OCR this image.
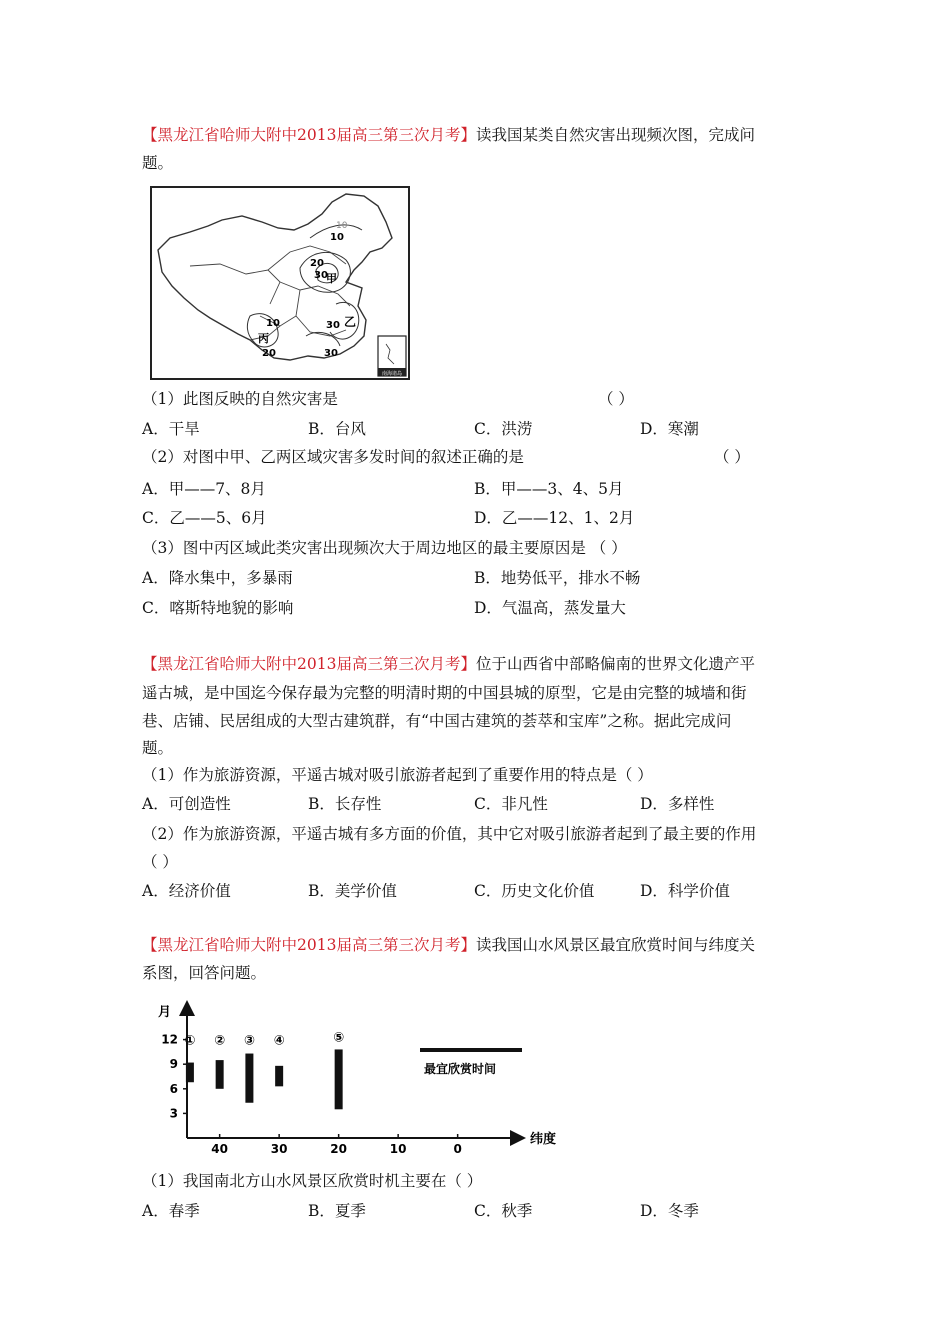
【黑龙江省哈师大附中2013届高三第三次月考】读我国某类自然灾害出现频次图，完成问
题。
南海诸岛
10
20
30
甲
10	30 乙
丙
20	30
10
（1）此图反映的自然灾害是	（ ）
A．干旱	B．台风	C．洪涝	D．寒潮
（2）对图中甲、乙两区域灾害多发时间的叙述正确的是	（ ）
A．甲——7、8月	B．甲——3、4、5月
C．乙——5、6月	D．乙——12、1、2月
（3）图中丙区域此类灾害出现频次大于周边地区的最主要原因是 （ ）
A．降水集中，多暴雨	B．地势低平，排水不畅
C．喀斯特地貌的影响	D．气温高，蒸发量大
【黑龙江省哈师大附中2013届高三第三次月考】位于山西省中部略偏南的世界文化遗产平
遥古城，是中国迄今保存最为完整的明清时期的中国县城的原型，它是由完整的城墙和街
巷、店铺、民居组成的大型古建筑群，有“中国古建筑的荟萃和宝库”之称。据此完成问
题。
（1）作为旅游资源，平遥古城对吸引旅游者起到了重要作用的特点是（ ）
A．可创造性	B．长存性	C．非凡性	D．多样性
（2）作为旅游资源，平遥古城有多方面的价值，其中它对吸引旅游者起到了最主要的作用
（ ）
A．经济价值	B．美学价值	C．历史文化价值	D．科学价值
【黑龙江省哈师大附中2013届高三第三次月考】读我国山水风景区最宜欣赏时间与纬度关
系图，回答问题。
月
纬度
12
9
6
3
40	30	20	10	0
① ② ③ ④	⑤
最宜欣赏时间
（1）我国南北方山水风景区欣赏时机主要在（ ）
A．春季	B．夏季	C．秋季	D．冬季
